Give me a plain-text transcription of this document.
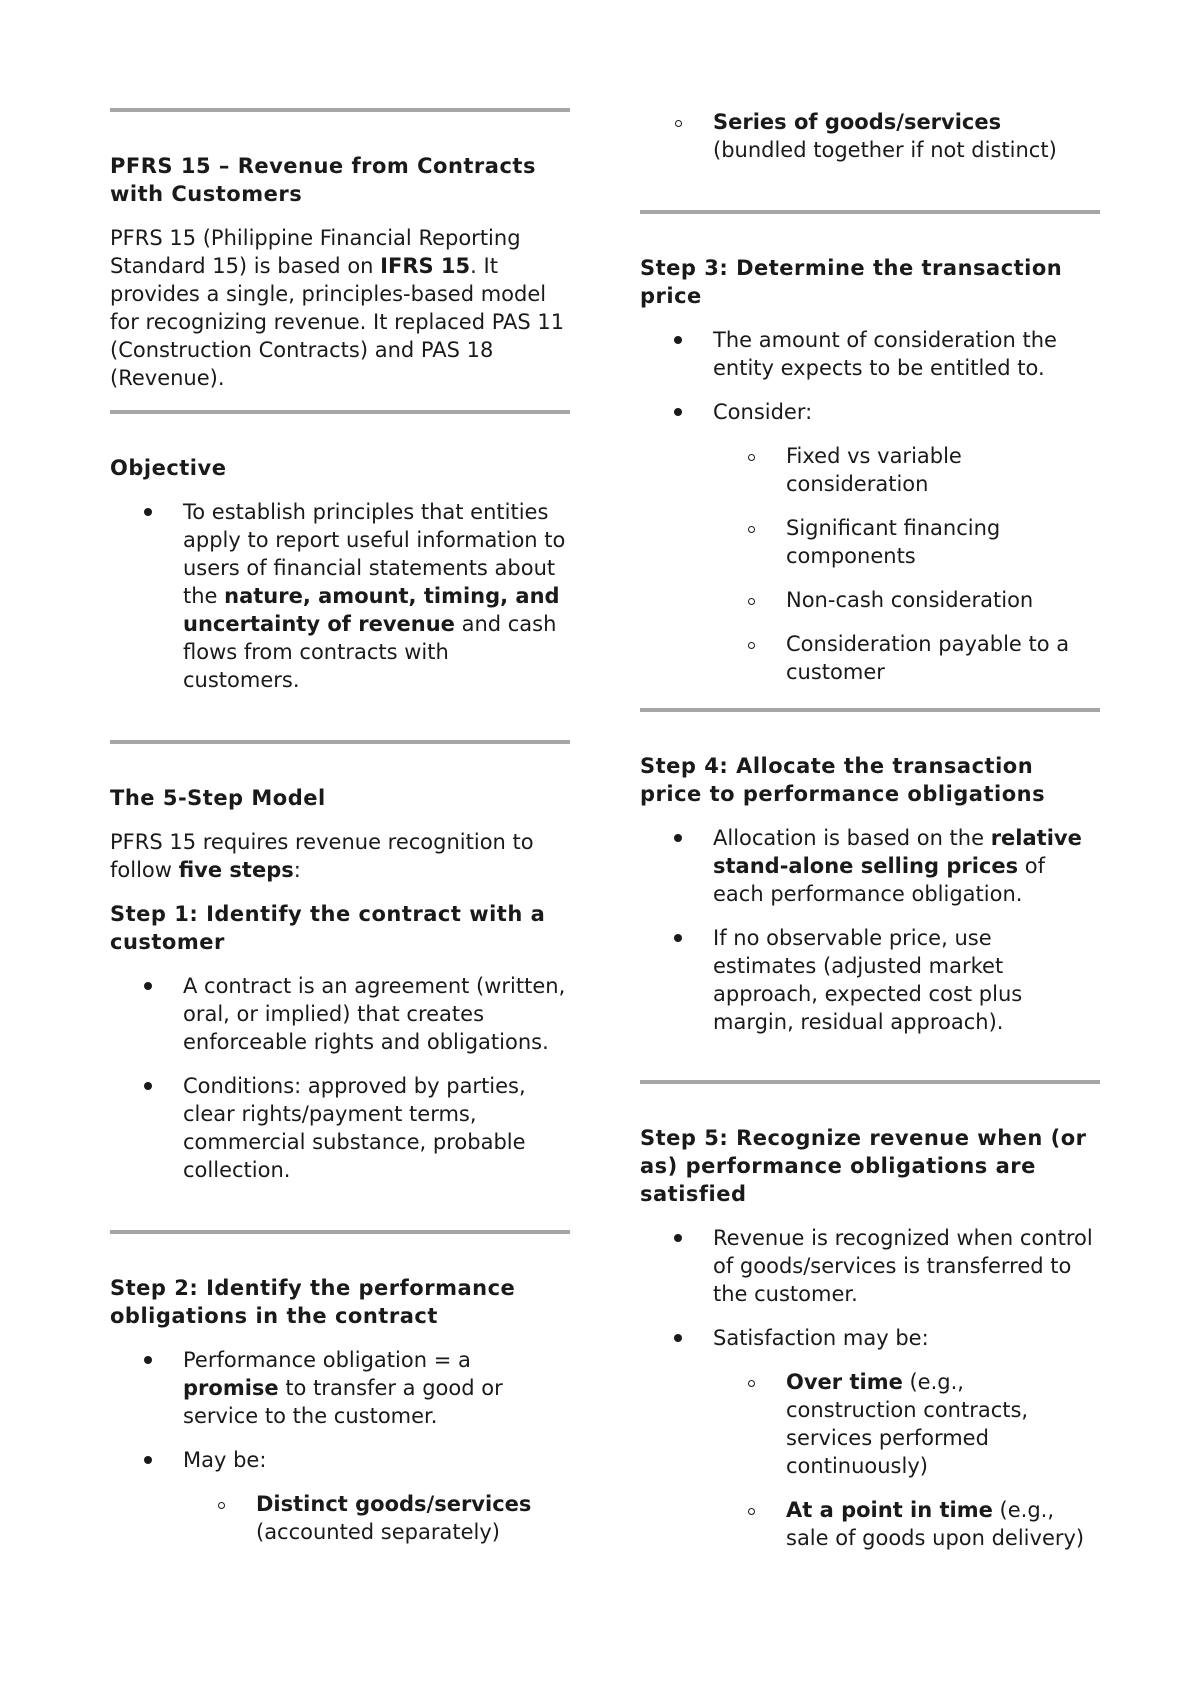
PFRS 15 – Revenue from Contracts with Customers

PFRS 15 (Philippine Financial Reporting Standard 15) is based on IFRS 15. It provides a single, principles-based model for recognizing revenue. It replaced PAS 11 (Construction Contracts) and PAS 18 (Revenue).

Objective

To establish principles that entities apply to report useful information to users of financial statements about the nature, amount, timing, and uncertainty of revenue and cash flows from contracts with customers.

The 5-Step Model

PFRS 15 requires revenue recognition to follow five steps:

Step 1: Identify the contract with a customer

A contract is an agreement (written, oral, or implied) that creates enforceable rights and obligations.
Conditions: approved by parties, clear rights/payment terms, commercial substance, probable collection.

Step 2: Identify the performance obligations in the contract

Performance obligation = a promise to transfer a good or service to the customer.
May be:
Distinct goods/services (accounted separately)
Series of goods/services (bundled together if not distinct)

Step 3: Determine the transaction price

The amount of consideration the entity expects to be entitled to.
Consider:
Fixed vs variable consideration
Significant financing components
Non-cash consideration
Consideration payable to a customer

Step 4: Allocate the transaction price to performance obligations

Allocation is based on the relative stand-alone selling prices of each performance obligation.
If no observable price, use estimates (adjusted market approach, expected cost plus margin, residual approach).

Step 5: Recognize revenue when (or as) performance obligations are satisfied

Revenue is recognized when control of goods/services is transferred to the customer.
Satisfaction may be:
Over time (e.g., construction contracts, services performed continuously)
At a point in time (e.g., sale of goods upon delivery)
